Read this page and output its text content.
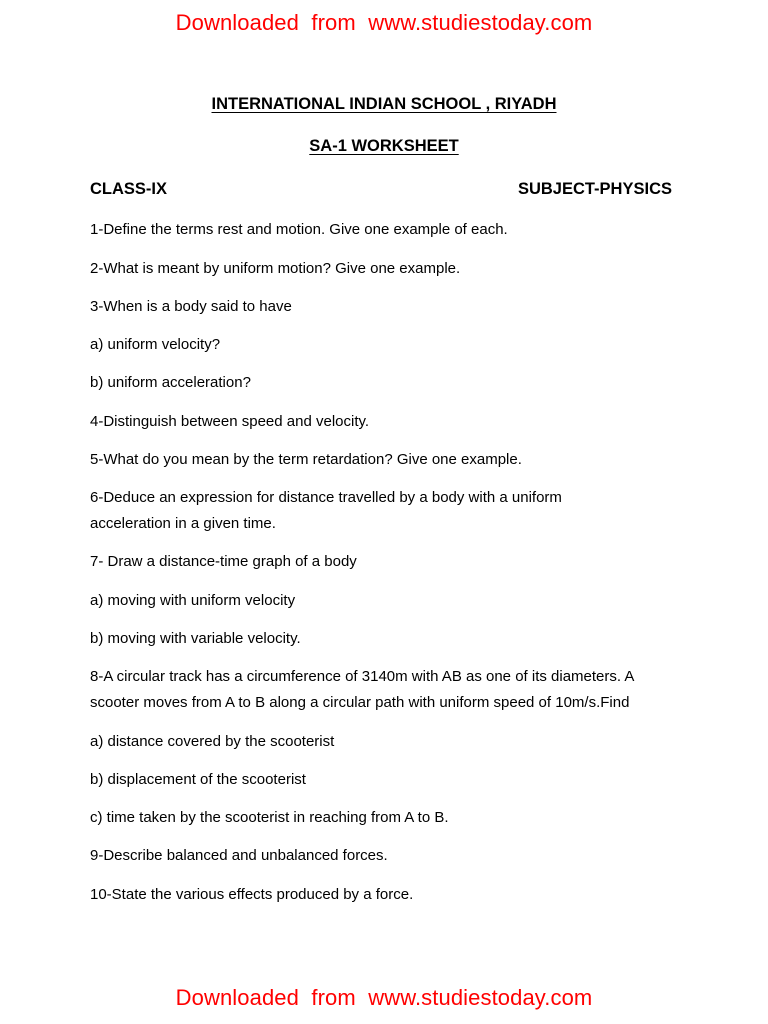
Downloaded  from  www.studiestoday.com
INTERNATIONAL INDIAN SCHOOL , RIYADH
SA-1 WORKSHEET
CLASS-IX	SUBJECT-PHYSICS
1-Define the terms rest and motion. Give one example of each.
2-What is meant by uniform motion? Give one example.
3-When is a body said to have
a) uniform velocity?
b) uniform acceleration?
4-Distinguish between speed and velocity.
5-What do you mean by the term retardation? Give one example.
6-Deduce an expression for distance travelled by a body with a uniform
acceleration in a given time.
7- Draw a distance-time graph of a body
a) moving with uniform velocity
b) moving with variable velocity.
8-A circular track has a circumference of 3140m with AB as one of its diameters. A
scooter moves from A to B along a circular path with uniform speed of 10m/s.Find
a) distance covered by the scooterist
b) displacement of the scooterist
c) time taken by the scooterist in reaching from A to B.
9-Describe balanced and unbalanced forces.
10-State the various effects produced by a force.
Downloaded  from  www.studiestoday.com
